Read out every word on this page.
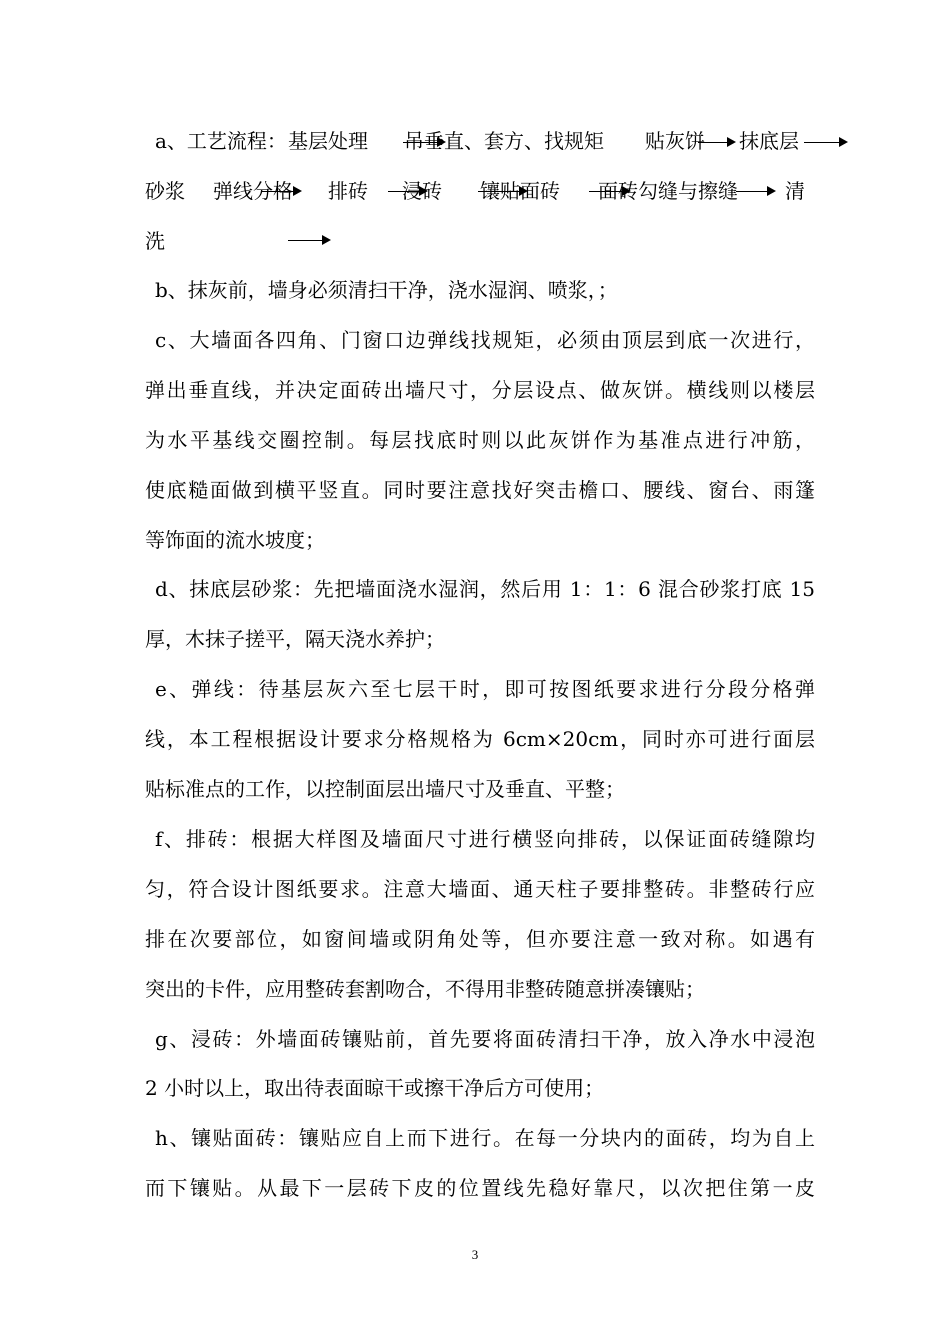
a、工艺流程： 基层处理 吊垂直、套方、找规矩 贴灰饼 抹底层
砂浆 弹线分格 排砖 浸砖 镶贴面砖 面砖勾缝与擦缝 清
洗
b、抹灰前，墙身必须清扫干净，浇水湿润、喷浆，；
c、大墙面各四角、门窗口边弹线找规矩，必须由顶层到底一次进行，
弹出垂直线，并决定面砖出墙尺寸，分层设点、做灰饼。横线则以楼层
为水平基线交圈控制。每层找底时则以此灰饼作为基准点进行冲筋，
使底糙面做到横平竖直。同时要注意找好突击檐口、腰线、窗台、雨篷
等饰面的流水坡度；
d、抹底层砂浆：先把墙面浇水湿润，然后用 1：1：6 混合砂浆打底 15
厚，木抹子搓平，隔天浇水养护；
e、弹线：待基层灰六至七层干时，即可按图纸要求进行分段分格弹
线，本工程根据设计要求分格规格为 6cm×20cm，同时亦可进行面层
贴标准点的工作，以控制面层出墙尺寸及垂直、平整；
f、排砖：根据大样图及墙面尺寸进行横竖向排砖，以保证面砖缝隙均
匀，符合设计图纸要求。注意大墙面、通天柱子要排整砖。非整砖行应
排在次要部位，如窗间墙或阴角处等，但亦要注意一致对称。如遇有
突出的卡件，应用整砖套割吻合，不得用非整砖随意拼凑镶贴；
g、浸砖：外墙面砖镶贴前，首先要将面砖清扫干净，放入净水中浸泡
2 小时以上，取出待表面晾干或擦干净后方可使用；
h、镶贴面砖：镶贴应自上而下进行。在每一分块内的面砖，均为自上
而下镶贴。从最下一层砖下皮的位置线先稳好靠尺，以次把住第一皮
3
